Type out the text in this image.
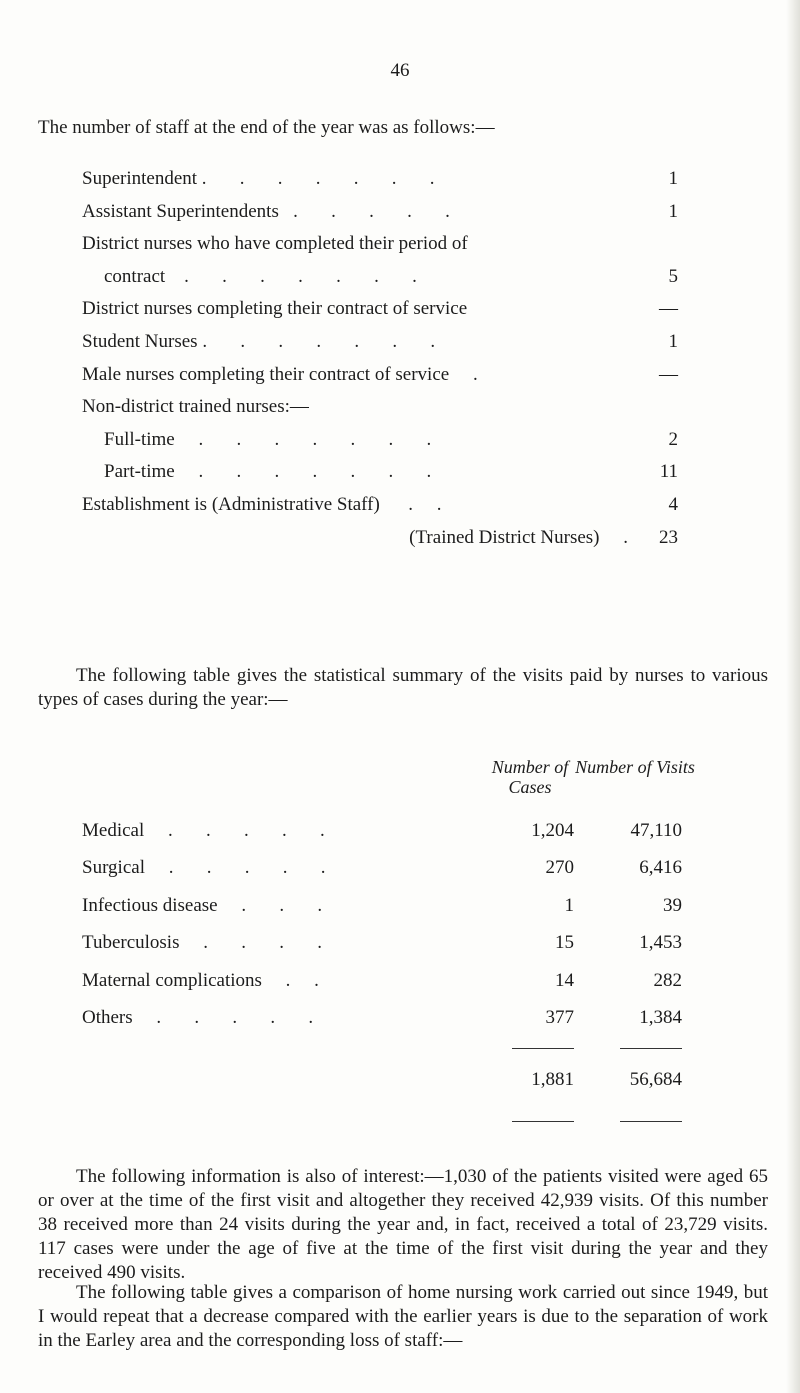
46
The number of staff at the end of the year was as follows:—
Superintendent .       .       .       .       .       .       .	1
Assistant Superintendents   .       .       .       .       .	1
District nurses who have completed their period of
contract    .       .       .       .       .       .       .	5
District nurses completing their contract of service	—
Student Nurses .       .       .       .       .       .       .	1
Male nurses completing their contract of service     .	—
Non-district trained nurses:—
Full-time     .       .       .       .       .       .       .	2
Part-time     .       .       .       .       .       .       .	11
Establishment is (Administrative Staff)      .     .	4
(Trained District Nurses)     .	23
The following table gives the statistical summary of the visits paid by nurses to various types of cases during the year:—
Number of Cases
Number of Visits
Medical     .       .       .       .       .	1,204	47,110
Surgical     .       .       .       .       .	270	6,416
Infectious disease     .       .       .	1	39
Tuberculosis     .       .       .       .	15	1,453
Maternal complications     .     .	14	282
Others     .       .       .       .       .	377	1,384
1,881	56,684
The following information is also of interest:—1,030 of the patients visited were aged 65 or over at the time of the first visit and altogether they received 42,939 visits. Of this number 38 received more than 24 visits during the year and, in fact, received a total of 23,729 visits. 117 cases were under the age of five at the time of the first visit during the year and they received 490 visits.
The following table gives a comparison of home nursing work carried out since 1949, but I would repeat that a decrease compared with the earlier years is due to the separation of work in the Earley area and the corresponding loss of staff:—
